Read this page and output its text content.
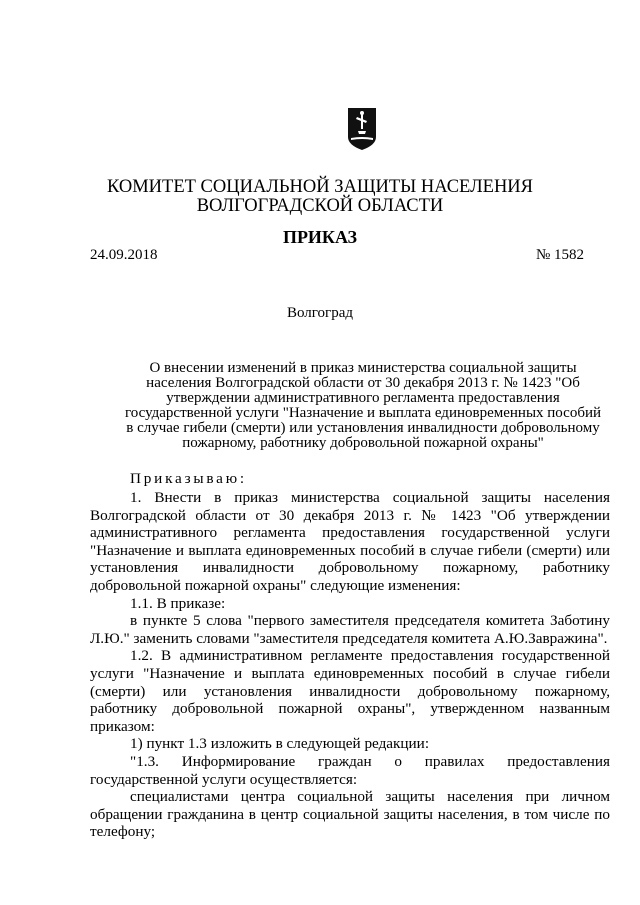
КОМИТЕТ СОЦИАЛЬНОЙ ЗАЩИТЫ НАСЕЛЕНИЯ
ВОЛГОГРАДСКОЙ ОБЛАСТИ
ПРИКАЗ
24.09.2018	№ 1582
Волгоград
О внесении изменений в приказ министерства социальной защиты
населения Волгоградской области от 30 декабря 2013 г. № 1423 "Об
утверждении административного регламента предоставления
государственной услуги "Назначение и выплата единовременных пособий
в случае гибели (смерти) или установления инвалидности добровольному
пожарному, работнику добровольной пожарной охраны"
Приказываю:

1. Внести в приказ министерства социальной защиты населения Волгоградской области от 30 декабря 2013 г. № 1423 "Об утверждении административного регламента предоставления государственной услуги "Назначение и выплата единовременных пособий в случае гибели (смерти) или установления инвалидности добровольному пожарному, работнику добровольной пожарной охраны" следующие изменения:

1.1. В приказе:

в пункте 5 слова "первого заместителя председателя комитета Заботину Л.Ю." заменить словами "заместителя председателя комитета А.Ю.Завражина".

1.2. В административном регламенте предоставления государственной услуги "Назначение и выплата единовременных пособий в случае гибели (смерти) или установления инвалидности добровольному пожарному, работнику добровольной пожарной охраны", утвержденном названным приказом:

1) пункт 1.3 изложить в следующей редакции:

"1.3. Информирование граждан о правилах предоставления государственной услуги осуществляется:

специалистами центра социальной защиты населения при личном обращении гражданина в центр социальной защиты населения, в том числе по телефону;
